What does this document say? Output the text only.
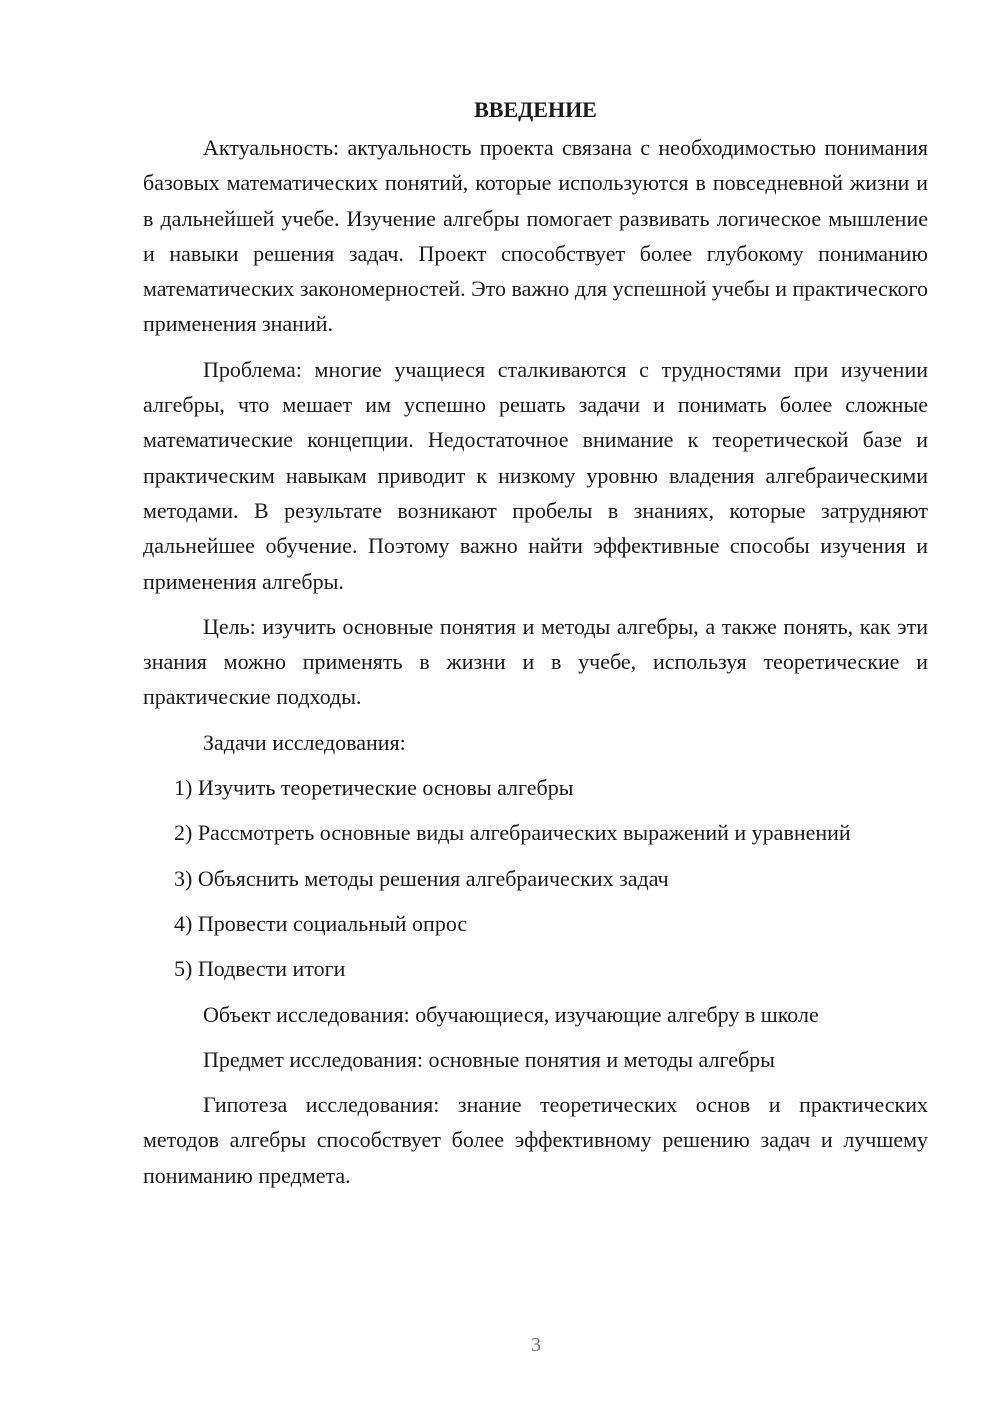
ВВЕДЕНИЕ

Актуальность: актуальность проекта связана с необходимостью понимания базовых математических понятий, которые используются в повседневной жизни и в дальнейшей учебе. Изучение алгебры помогает развивать логическое мышление и навыки решения задач. Проект способствует более глубокому пониманию математических закономерностей. Это важно для успешной учебы и практического применения знаний.

Проблема: многие учащиеся сталкиваются с трудностями при изучении алгебры, что мешает им успешно решать задачи и понимать более сложные математические концепции. Недостаточное внимание к теоретической базе и практическим навыкам приводит к низкому уровню владения алгебраическими методами. В результате возникают пробелы в знаниях, которые затрудняют дальнейшее обучение. Поэтому важно найти эффективные способы изучения и применения алгебры.

Цель: изучить основные понятия и методы алгебры, а также понять, как эти знания можно применять в жизни и в учебе, используя теоретические и практические подходы.

Задачи исследования:

1) Изучить теоретические основы алгебры

2) Рассмотреть основные виды алгебраических выражений и уравнений

3) Объяснить методы решения алгебраических задач

4) Провести социальный опрос

5) Подвести итоги

Объект исследования: обучающиеся, изучающие алгебру в школе

Предмет исследования: основные понятия и методы алгебры

Гипотеза исследования: знание теоретических основ и практических методов алгебры способствует более эффективному решению задач и лучшему пониманию предмета.

3
